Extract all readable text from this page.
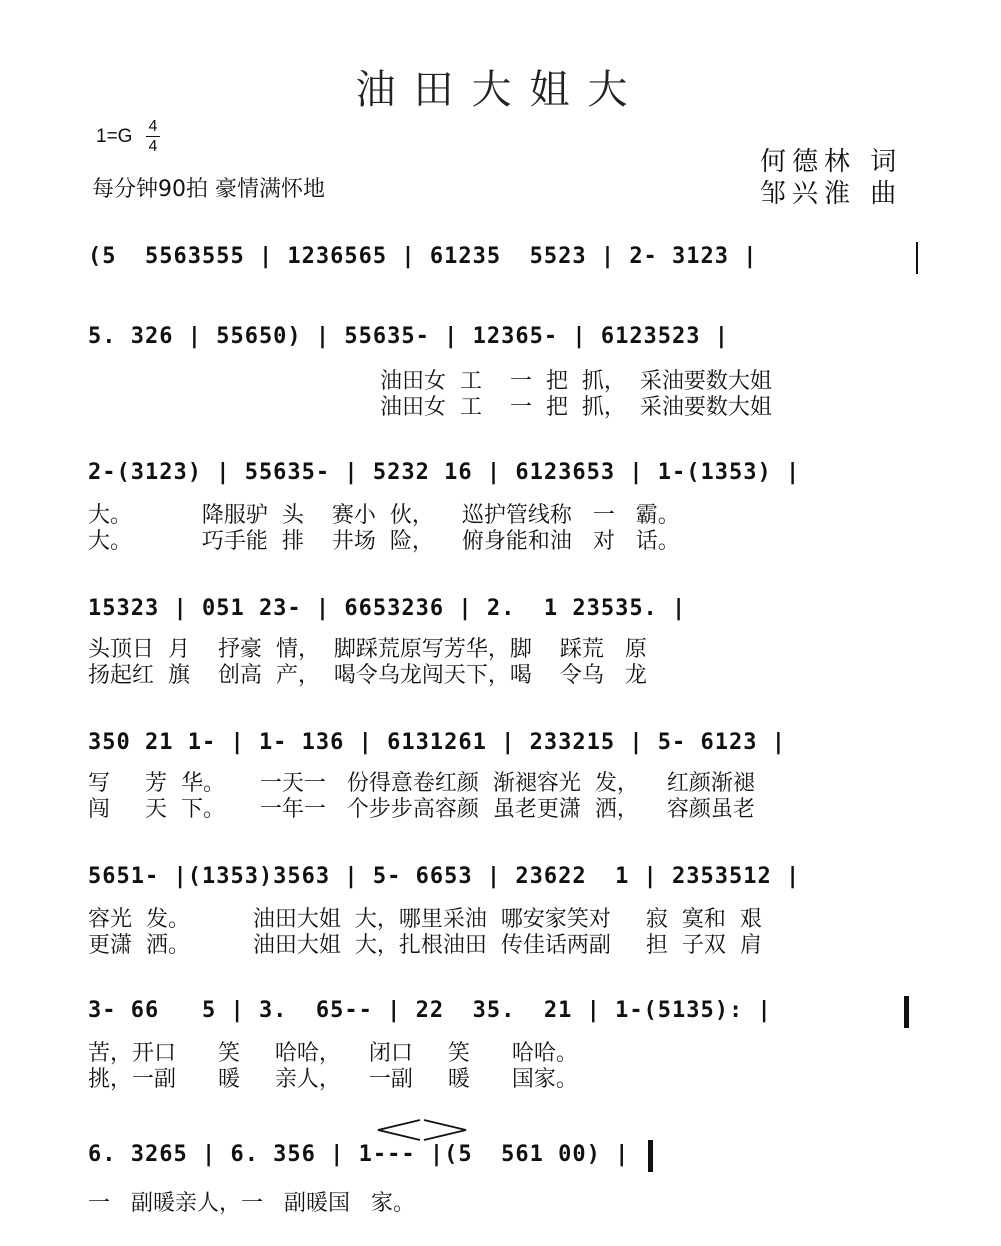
油田大姐大
1=G 4
4
每分钟90拍 豪情满怀地
何德林 词
邹兴淮 曲
(5  5563555 | 1236565 | 61235  5523 | 2- 3123 |
5. 326 | 55650) | 55635- | 12365- | 6123523 |
油田女  工    一  把  抓，  采油要数大姐
油田女  工    一  把  抓，  采油要数大姐
2-(3123) | 55635- | 5232 16 | 6123653 | 1-(1353) |
大。          降服驴  头    赛小  伙，    巡护管线称   一   霸。
大。          巧手能  排    井场  险，    俯身能和油   对   话。
15323 | 051 23- | 6653236 | 2.  1 23535. |
头顶日  月    抒豪  情，  脚踩荒原写芳华，脚    踩荒   原
扬起红  旗    创高  产，  喝令乌龙闯天下，喝    令乌   龙
350 21 1- | 1- 136 | 6131261 | 233215 | 5- 6123 |
写     芳  华。     一天一   份得意卷红颜  渐褪容光  发，    红颜渐褪
闯     天  下。     一年一   个步步高容颜  虽老更潇  洒，    容颜虽老
5651- |(1353)3563 | 5- 6653 | 23622  1 | 2353512 |
容光  发。         油田大姐  大，哪里采油  哪安家笑对     寂  寞和  艰
更潇  洒。         油田大姐  大，扎根油田  传佳话两副     担  子双  肩
3- 66   5 | 3.  65-- | 22  35.  21 | 1-(5135): |
苦，开口      笑     哈哈，    闭口     笑      哈哈。
挑，一副      暖     亲人，    一副     暖      国家。
6. 3265 | 6. 356 | 1--- |(5  561 00) |
一   副暖亲人，一   副暖国   家。
